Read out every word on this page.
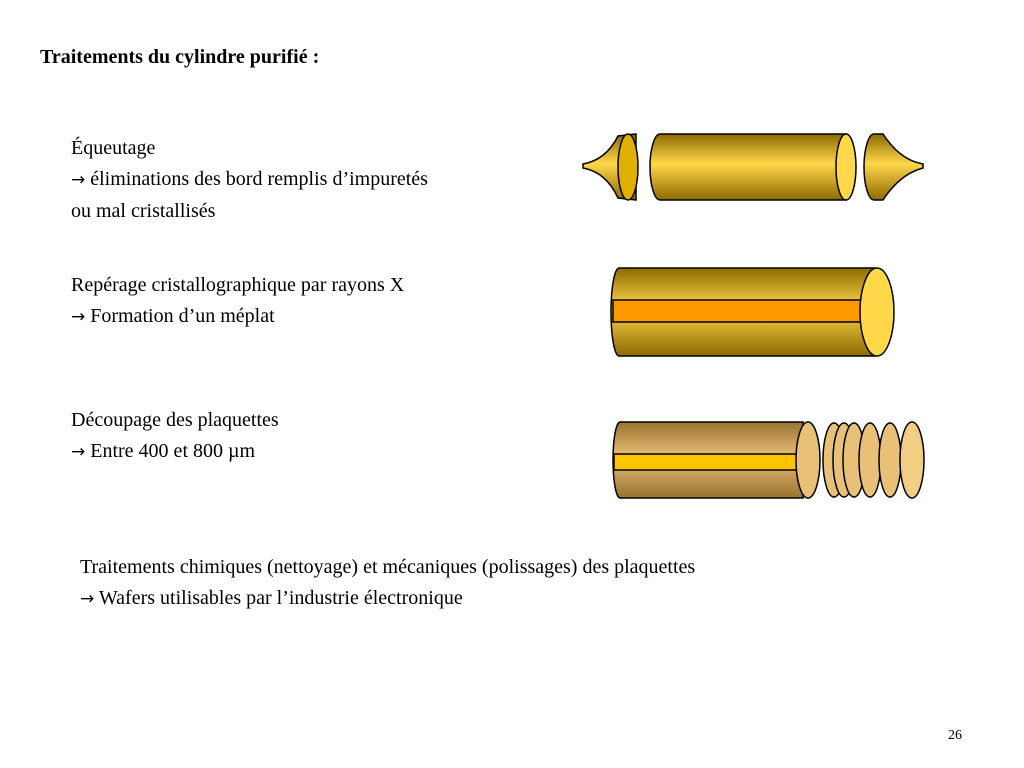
Traitements du cylindre purifié :
Équeutage
→ éliminations des bord remplis d’impuretés
ou mal cristallisés
Repérage cristallographique par rayons X
→ Formation d’un méplat
Découpage des plaquettes
→ Entre 400 et 800 µm
Traitements chimiques (nettoyage) et mécaniques (polissages) des plaquettes
→ Wafers utilisables par l’industrie électronique
26
